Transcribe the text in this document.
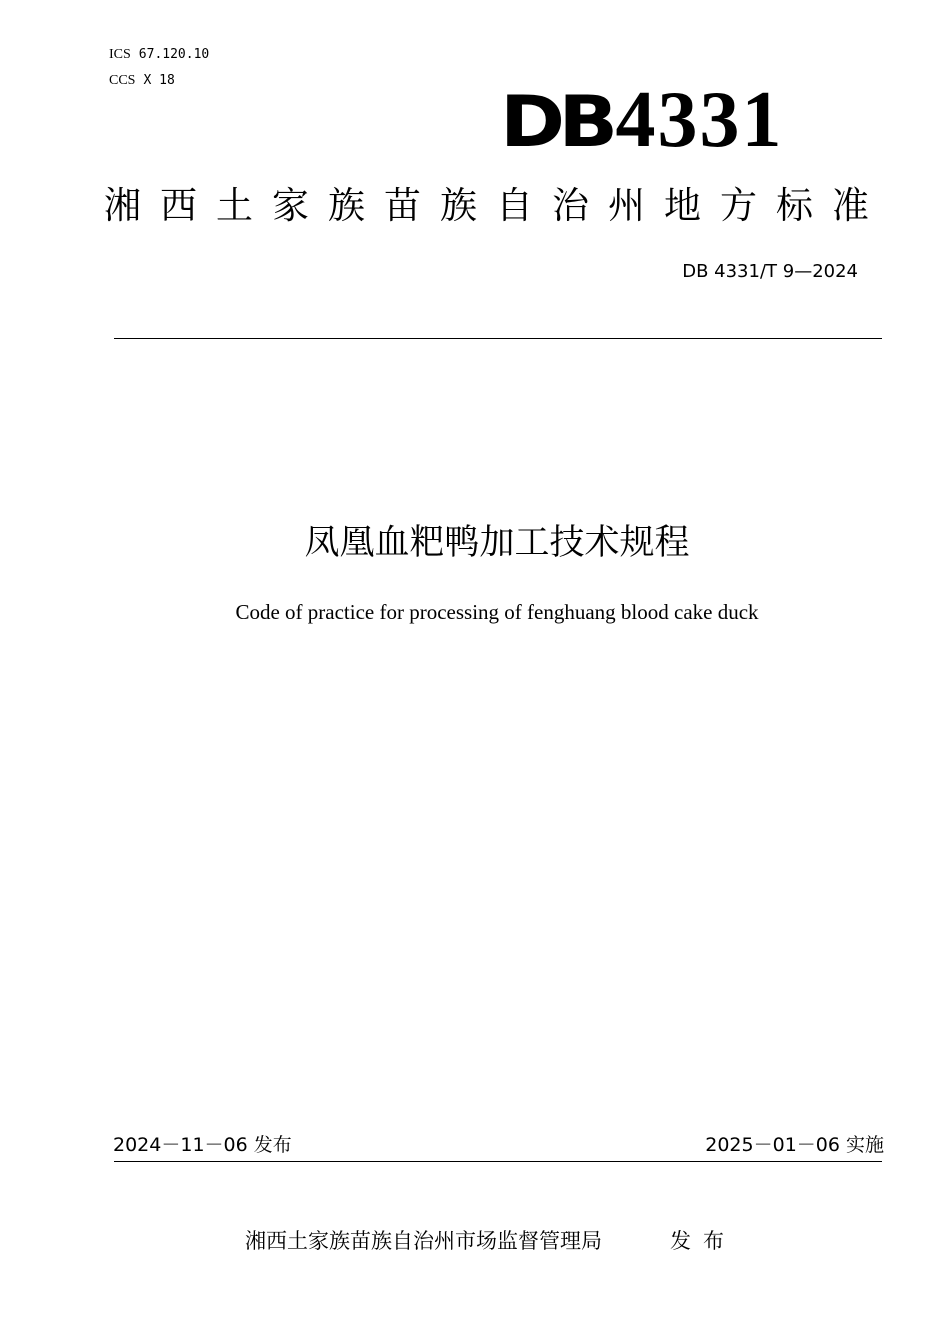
ICS 67.120.10
CCS X 18
DB4331
湘西土家族苗族自治州地方标准
DB 4331/T 9—2024
凤凰血粑鸭加工技术规程
Code of practice for processing of fenghuang blood cake duck
2024－11－06 发布	2025－01－06 实施
湘西土家族苗族自治州市场监督管理局	发布
